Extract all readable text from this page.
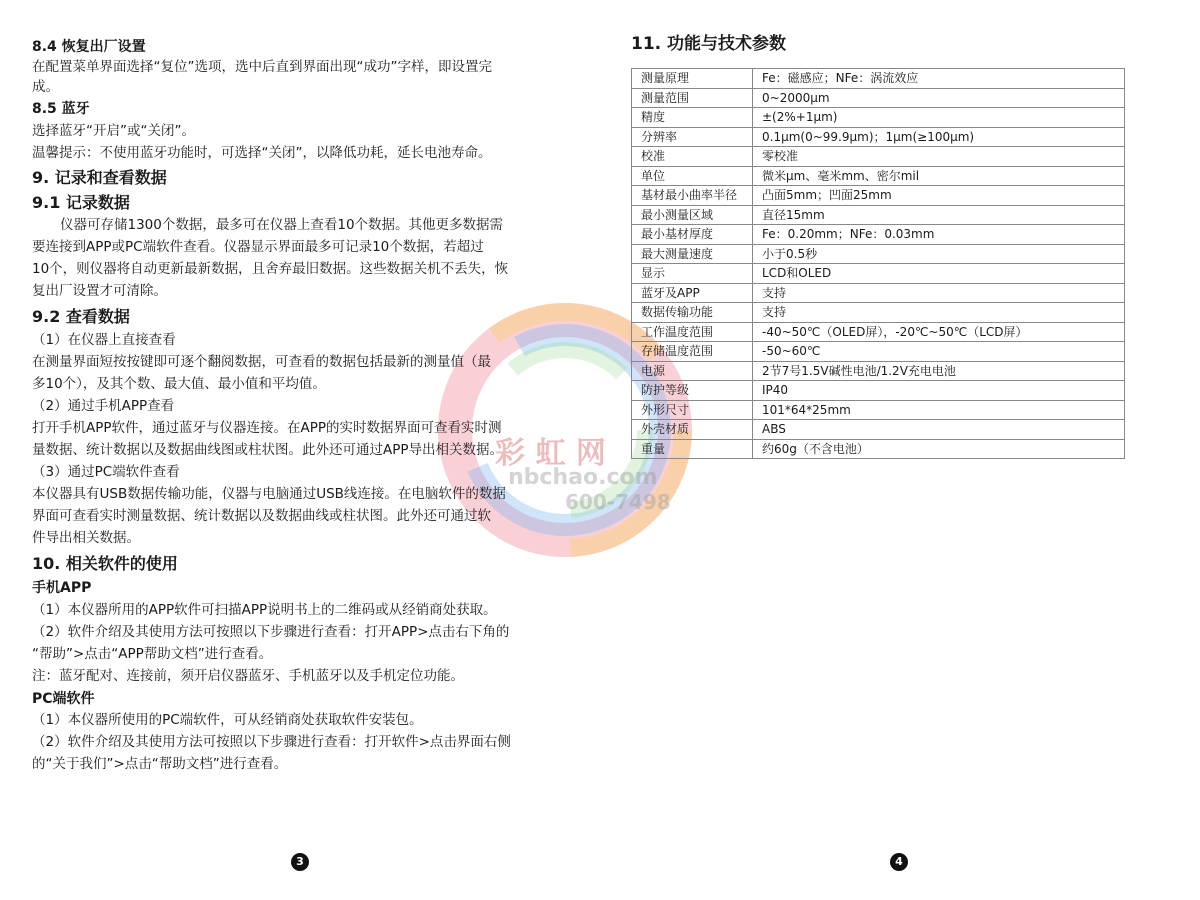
彩 虹 网
nbchao.com
600-7498
8.4 恢复出厂设置
在配置菜单界面选择“复位”选项，选中后直到界面出现“成功”字样，即设置完
成。
8.5 蓝牙
选择蓝牙“开启”或“关闭”。
温馨提示：不使用蓝牙功能时，可选择“关闭”，以降低功耗，延长电池寿命。
9. 记录和查看数据
9.1 记录数据
仪器可存储1300个数据，最多可在仪器上查看10个数据。其他更多数据需
要连接到APP或PC端软件查看。仪器显示界面最多可记录10个数据，若超过
10个，则仪器将自动更新最新数据，且舍弃最旧数据。这些数据关机不丢失，恢
复出厂设置才可清除。
9.2 查看数据
（1）在仪器上直接查看
在测量界面短按按键即可逐个翻阅数据，可查看的数据包括最新的测量值（最
多10个），及其个数、最大值、最小值和平均值。
（2）通过手机APP查看
打开手机APP软件，通过蓝牙与仪器连接。在APP的实时数据界面可查看实时测
量数据、统计数据以及数据曲线图或柱状图。此外还可通过APP导出相关数据。
（3）通过PC端软件查看
本仪器具有USB数据传输功能，仪器与电脑通过USB线连接。在电脑软件的数据
界面可查看实时测量数据、统计数据以及数据曲线或柱状图。此外还可通过软
件导出相关数据。
10. 相关软件的使用
手机APP
（1）本仪器所用的APP软件可扫描APP说明书上的二维码或从经销商处获取。
（2）软件介绍及其使用方法可按照以下步骤进行查看：打开APP>点击右下角的
“帮助”>点击“APP帮助文档”进行查看。
注：蓝牙配对、连接前，须开启仪器蓝牙、手机蓝牙以及手机定位功能。
PC端软件
（1）本仪器所使用的PC端软件，可从经销商处获取软件安装包。
（2）软件介绍及其使用方法可按照以下步骤进行查看：打开软件>点击界面右侧
的“关于我们”>点击“帮助文档”进行查看。
3
11. 功能与技术参数
测量原理	Fe：磁感应；NFe：涡流效应
测量范围	0~2000μm
精度	±(2%+1μm)
分辨率	0.1μm(0~99.9μm)；1μm(≥100μm)
校准	零校准
单位	微米μm、毫米mm、密尔mil
基材最小曲率半径	凸面5mm；凹面25mm
最小测量区域	直径15mm
最小基材厚度	Fe：0.20mm；NFe：0.03mm
最大测量速度	小于0.5秒
显示	LCD和OLED
蓝牙及APP	支持
数据传输功能	支持
工作温度范围	-40~50℃（OLED屏），-20℃~50℃（LCD屏）
存储温度范围	-50~60℃
电源	2节7号1.5V碱性电池/1.2V充电电池
防护等级	IP40
外形尺寸	101*64*25mm
外壳材质	ABS
重量	约60g（不含电池）
4
